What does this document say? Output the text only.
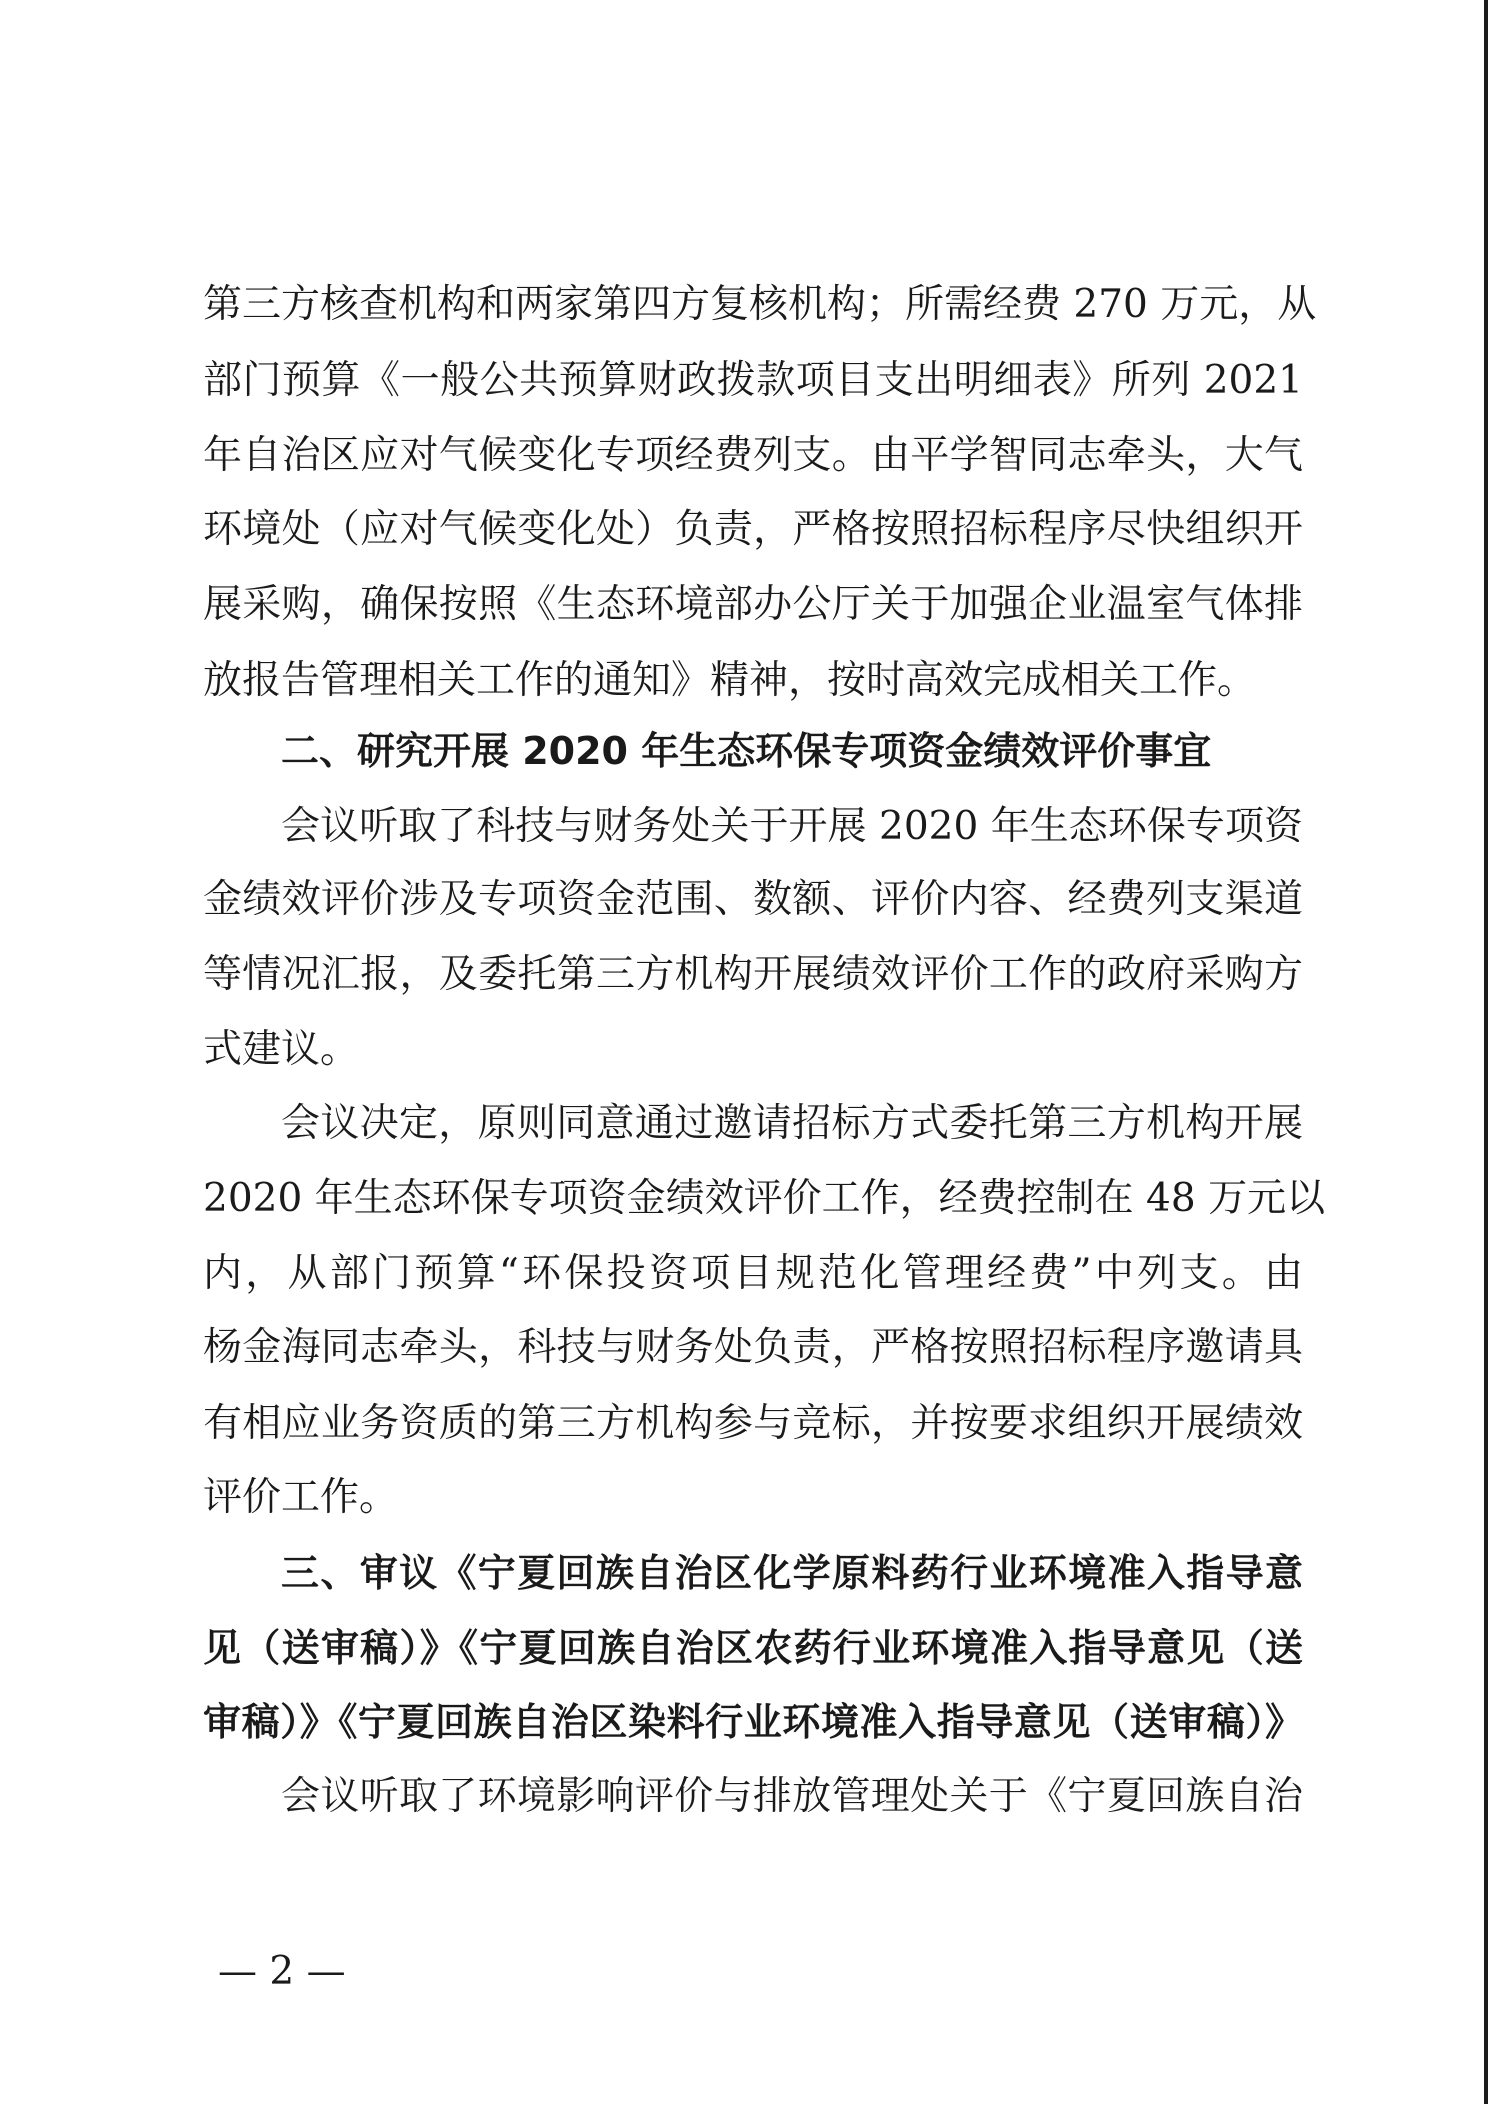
第三方核查机构和两家第四方复核机构；所需经费 270 万元，从
部门预算《一般公共预算财政拨款项目支出明细表》所列 2021
年自治区应对气候变化专项经费列支。由平学智同志牵头，大气
环境处（应对气候变化处）负责，严格按照招标程序尽快组织开
展采购，确保按照《生态环境部办公厅关于加强企业温室气体排
放报告管理相关工作的通知》精神，按时高效完成相关工作。
二、研究开展 2020 年生态环保专项资金绩效评价事宜
会议听取了科技与财务处关于开展 2020 年生态环保专项资
金绩效评价涉及专项资金范围、数额、评价内容、经费列支渠道
等情况汇报，及委托第三方机构开展绩效评价工作的政府采购方
式建议。
会议决定，原则同意通过邀请招标方式委托第三方机构开展
2020 年生态环保专项资金绩效评价工作，经费控制在 48 万元以
内，从部门预算“环保投资项目规范化管理经费”中列支。由
杨金海同志牵头，科技与财务处负责，严格按照招标程序邀请具
有相应业务资质的第三方机构参与竞标，并按要求组织开展绩效
评价工作。
三、审议《宁夏回族自治区化学原料药行业环境准入指导意
见（送审稿）》《宁夏回族自治区农药行业环境准入指导意见（送
审稿）》《宁夏回族自治区染料行业环境准入指导意见（送审稿）》
会议听取了环境影响评价与排放管理处关于《宁夏回族自治
— 2 —
